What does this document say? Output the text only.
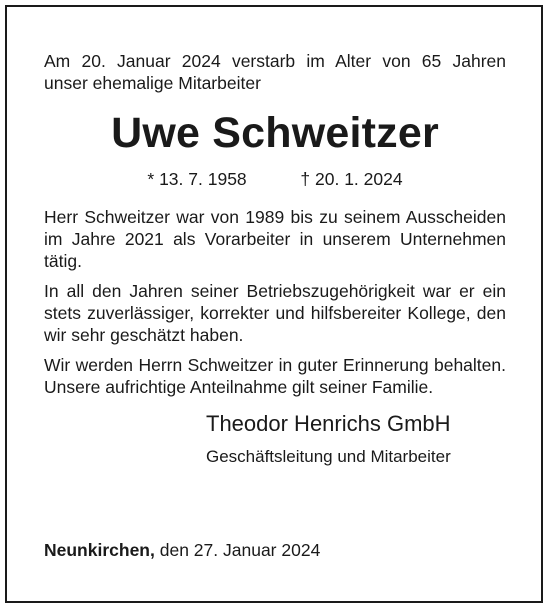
Am 20. Januar 2024 verstarb im Alter von 65 Jahren
unser ehemalige Mitarbeiter

Uwe Schweitzer
* 13. 7. 1958	† 20. 1. 2024

Herr Schweitzer war von 1989 bis zu seinem Ausscheiden im Jahre 2021 als Vorarbeiter in unserem Unternehmen tätig.

In all den Jahren seiner Betriebszugehörigkeit war er ein stets zuverlässiger, korrekter und hilfsbereiter Kollege, den wir sehr geschätzt haben.

Wir werden Herrn Schweitzer in guter Erinnerung behalten. Unsere aufrichtige Anteilnahme gilt seiner Familie.

Theodor Henrichs GmbH
Geschäftsleitung und Mitarbeiter
Neunkirchen, den 27. Januar 2024
